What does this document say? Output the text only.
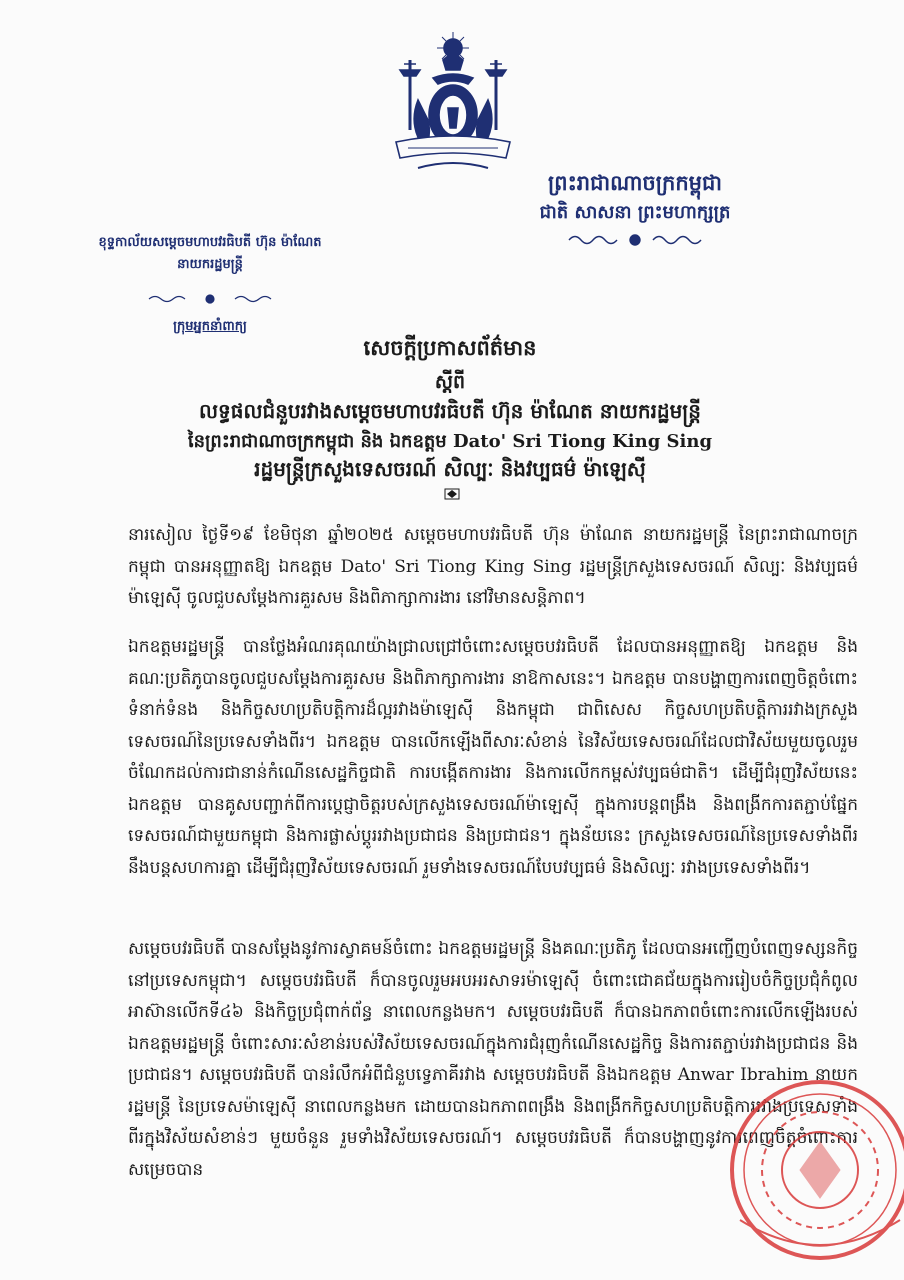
ព្រះរាជាណាចក្រកម្ពុជា
ជាតិ សាសនា ព្រះមហាក្សត្រ
ខុទ្ទកាល័យសម្តេចមហាបវរធិបតី ហ៊ុន ម៉ាណែត
នាយករដ្ឋមន្ត្រី
ក្រុមអ្នកនាំពាក្យ
សេចក្តីប្រកាសព័ត៌មាន
ស្តីពី
លទ្ធផលជំនួបរវាងសម្តេចមហាបវរធិបតី ហ៊ុន ម៉ាណែត នាយករដ្ឋមន្ត្រី
នៃព្រះរាជាណាចក្រកម្ពុជា និង ឯកឧត្តម Dato' Sri Tiong King Sing
រដ្ឋមន្ត្រីក្រសួងទេសចរណ៍ សិល្បៈ និងវប្បធម៌ ម៉ាឡេស៊ី
នារសៀល ថ្ងៃទី១៩ ខែមិថុនា ឆ្នាំ២០២៥ សម្តេចមហាបវរធិបតី ហ៊ុន ម៉ាណែត នាយករដ្ឋមន្ត្រី នៃព្រះរាជាណាចក្រកម្ពុជា បានអនុញ្ញាតឱ្យ ឯកឧត្តម Dato' Sri Tiong King Sing រដ្ឋមន្ត្រីក្រសួងទេសចរណ៍ សិល្បៈ និងវប្បធម៌ ម៉ាឡេស៊ី ចូលជួបសម្តែងការគួរសម និងពិភាក្សាការងារ នៅវិមានសន្តិភាព។
ឯកឧត្តមរដ្ឋមន្ត្រី បានថ្លែងអំណរគុណយ៉ាងជ្រាលជ្រៅចំពោះសម្តេចបវរធិបតី ដែលបានអនុញ្ញាតឱ្យ ឯកឧត្តម និងគណៈប្រតិភូបានចូលជួបសម្តែងការគួរសម និងពិភាក្សាការងារ នាឱកាសនេះ។ ឯកឧត្តម បានបង្ហាញការពេញចិត្តចំពោះទំនាក់ទំនង និងកិច្ចសហប្រតិបត្តិការដ៏ល្អរវាងម៉ាឡេស៊ី និងកម្ពុជា ជាពិសេស កិច្ចសហប្រតិបត្តិការរវាងក្រសួងទេសចរណ៍នៃប្រទេសទាំងពីរ។ ឯកឧត្តម បានលើកឡើងពីសារៈសំខាន់ នៃវិស័យទេសចរណ៍ដែលជាវិស័យមួយចូលរួមចំណែកដល់ការជានាន់កំណើនសេដ្ឋកិច្ចជាតិ ការបង្កើតការងារ និងការលើកកម្ពស់វប្បធម៌ជាតិ។ ដើម្បីជំរុញវិស័យនេះ ឯកឧត្តម បានគូសបញ្ជាក់ពីការប្តេជ្ញាចិត្តរបស់ក្រសួងទេសចរណ៍ម៉ាឡេស៊ី ក្នុងការបន្តពង្រឹង និងពង្រីកការតភ្ជាប់ផ្នែកទេសចរណ៍ជាមួយកម្ពុជា និងការផ្លាស់ប្តូររវាងប្រជាជន និងប្រជាជន។ ក្នុងន័យនេះ ក្រសួងទេសចរណ៍នៃប្រទេសទាំងពីរនឹងបន្តសហការគ្នា ដើម្បីជំរុញវិស័យទេសចរណ៍ រួមទាំងទេសចរណ៍បែបវប្បធម៌ និងសិល្បៈ រវាងប្រទេសទាំងពីរ។
សម្តេចបវរធិបតី បានសម្តែងនូវការស្វាគមន៍ចំពោះ ឯកឧត្តមរដ្ឋមន្ត្រី និងគណៈប្រតិភូ ដែលបានអញ្ជើញបំពេញទស្សនកិច្ចនៅប្រទេសកម្ពុជា។ សម្តេចបវរធិបតី ក៏បានចូលរួមអបអរសាទរម៉ាឡេស៊ី ចំពោះជោគជ័យក្នុងការរៀបចំកិច្ចប្រជុំកំពូលអាស៊ានលើកទី៤៦ និងកិច្ចប្រជុំពាក់ព័ន្ធ នាពេលកន្លងមក។ សម្តេចបវរធិបតី ក៏បានឯកភាពចំពោះការលើកឡើងរបស់ឯកឧត្តមរដ្ឋមន្ត្រី ចំពោះសារៈសំខាន់របស់វិស័យទេសចរណ៍ក្នុងការជំរុញកំណើនសេដ្ឋកិច្ច និងការតភ្ជាប់រវាងប្រជាជន និងប្រជាជន។ សម្តេចបវរធិបតី បានរំលឹកអំពីជំនួបទ្វេភាគីរវាង សម្តេចបវរធិបតី និងឯកឧត្តម Anwar Ibrahim នាយករដ្ឋមន្ត្រី នៃប្រទេសម៉ាឡេស៊ី នាពេលកន្លងមក ដោយបានឯកភាពពង្រឹង និងពង្រីកកិច្ចសហប្រតិបត្តិការរវាងប្រទេសទាំងពីរក្នុងវិស័យសំខាន់ៗ មួយចំនួន រួមទាំងវិស័យទេសចរណ៍។ សម្តេចបវរធិបតី ក៏បានបង្ហាញនូវការពេញចិត្តចំពោះការសម្រេចបាន
